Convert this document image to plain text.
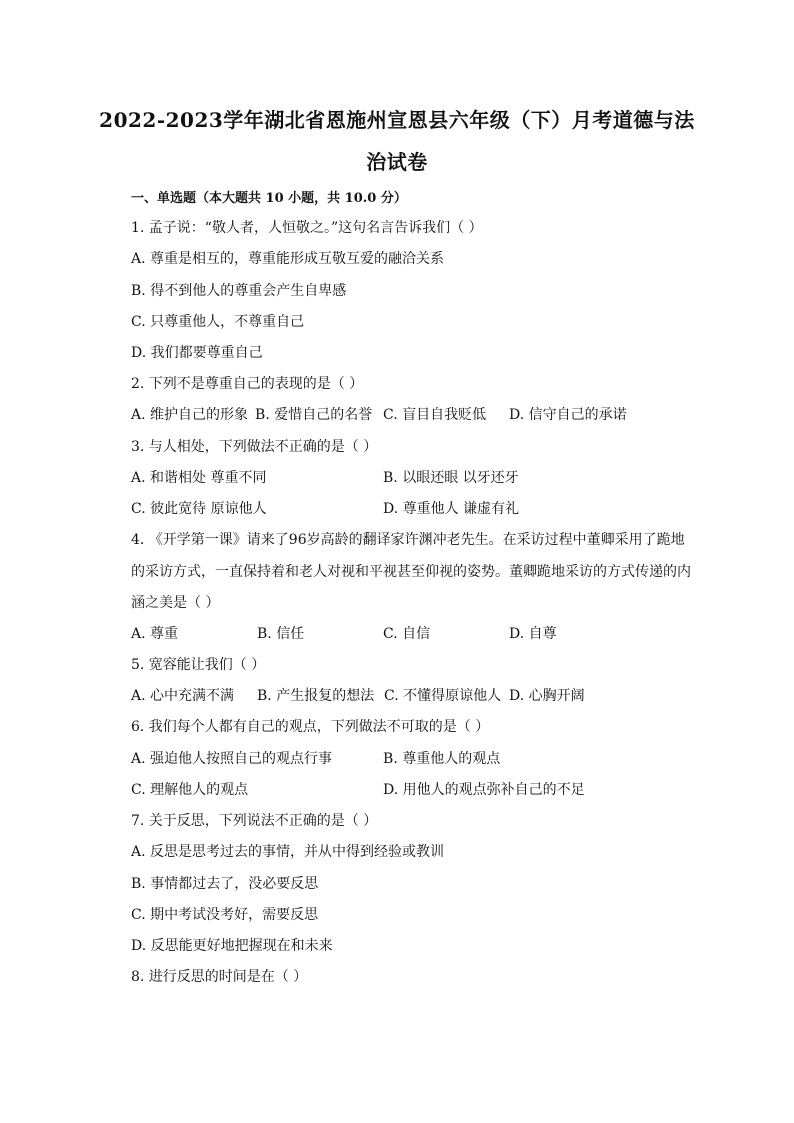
2022-2023学年湖北省恩施州宣恩县六年级（下）月考道德与法
治试卷
一、单选题（本大题共 10 小题，共 10.0 分）
1. 孟子说：“敬人者，人恒敬之。”这句名言告诉我们（ ）
A. 尊重是相互的，尊重能形成互敬互爱的融洽关系
B. 得不到他人的尊重会产生自卑感
C. 只尊重他人，不尊重自己
D. 我们都要尊重自己
2. 下列不是尊重自己的表现的是（ ）
A. 维护自己的形象 B. 爱惜自己的名誉 C. 盲目自我贬低 D. 信守自己的承诺
3. 与人相处，下列做法不正确的是（ ）
A. 和谐相处 尊重不同	B. 以眼还眼 以牙还牙
C. 彼此宽待 原谅他人	D. 尊重他人 谦虚有礼
4. 《开学第一课》请来了96岁高龄的翻译家许渊冲老先生。在采访过程中董卿采用了跪地
的采访方式，一直保持着和老人对视和平视甚至仰视的姿势。董卿跪地采访的方式传递的内
涵之美是（ ）
A. 尊重	B. 信任	C. 自信	D. 自尊
5. 宽容能让我们（ ）
A. 心中充满不满 B. 产生报复的想法 C. 不懂得原谅他人 D. 心胸开阔
6. 我们每个人都有自己的观点，下列做法不可取的是（ ）
A. 强迫他人按照自己的观点行事	B. 尊重他人的观点
C. 理解他人的观点	D. 用他人的观点弥补自己的不足
7. 关于反思，下列说法不正确的是（ ）
A. 反思是思考过去的事情，并从中得到经验或教训
B. 事情都过去了，没必要反思
C. 期中考试没考好，需要反思
D. 反思能更好地把握现在和未来
8. 进行反思的时间是在（ ）
